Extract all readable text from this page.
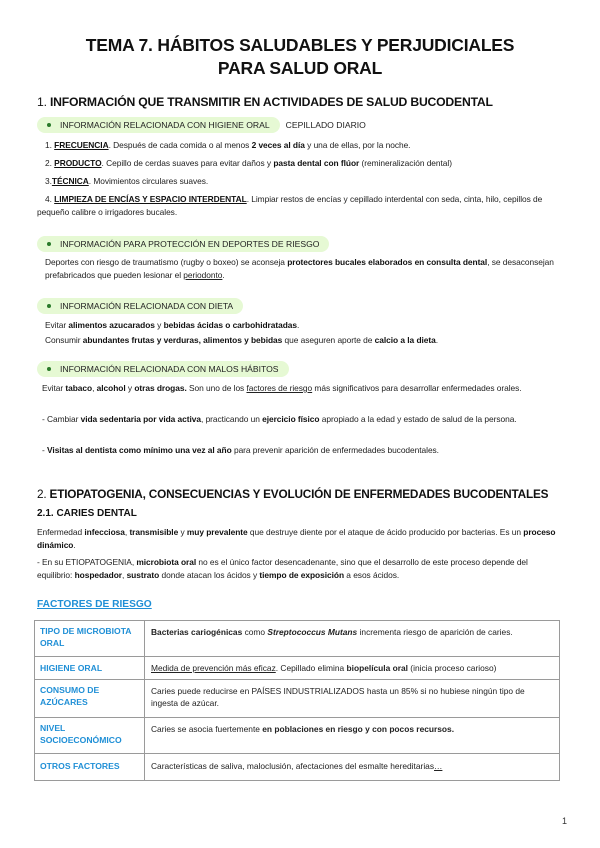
TEMA 7. HÁBITOS SALUDABLES Y PERJUDICIALES
PARA SALUD ORAL
1. INFORMACIÓN QUE TRANSMITIR EN ACTIVIDADES DE SALUD BUCODENTAL
INFORMACIÓN RELACIONADA CON HIGIENE ORAL CEPILLADO DIARIO
1. FRECUENCIA. Después de cada comida o al menos 2 veces al día y una de ellas, por la noche.
2. PRODUCTO. Cepillo de cerdas suaves para evitar daños y pasta dental con flúor (remineralización dental)
3.TÉCNICA. Movimientos circulares suaves.
4. LIMPIEZA DE ENCÍAS Y ESPACIO INTERDENTAL. Limpiar restos de encías y cepillado interdental con seda, cinta, hilo, cepillos de pequeño calibre o irrigadores bucales.
INFORMACIÓN PARA PROTECCIÓN EN DEPORTES DE RIESGO
Deportes con riesgo de traumatismo (rugby o boxeo) se aconseja protectores bucales elaborados en consulta dental, se desaconsejan prefabricados que pueden lesionar el periodonto.
INFORMACIÓN RELACIONADA CON DIETA
Evitar alimentos azucarados y bebidas ácidas o carbohidratadas.
Consumir abundantes frutas y verduras, alimentos y bebidas que aseguren aporte de calcio a la dieta.
INFORMACIÓN RELACIONADA CON MALOS HÁBITOS
Evitar tabaco, alcohol y otras drogas. Son uno de los factores de riesgo más significativos para desarrollar enfermedades orales.
- Cambiar vida sedentaria por vida activa, practicando un ejercicio físico apropiado a la edad y estado de salud de la persona.
- Visitas al dentista como mínimo una vez al año para prevenir aparición de enfermedades bucodentales.
2. ETIOPATOGENIA, CONSECUENCIAS Y EVOLUCIÓN DE ENFERMEDADES BUCODENTALES
2.1. CARIES DENTAL
Enfermedad infecciosa, transmisible y muy prevalente que destruye diente por el ataque de ácido producido por bacterias. Es un proceso dinámico.
- En su ETIOPATOGENIA, microbiota oral no es el único factor desencadenante, sino que el desarrollo de este proceso depende del equilibrio: hospedador, sustrato donde atacan los ácidos y tiempo de exposición a esos ácidos.
FACTORES DE RIESGO
TIPO DE MICROBIOTA ORAL	Bacterias cariogénicas como Streptococcus Mutans incrementa riesgo de aparición de caries.
HIGIENE ORAL	Medida de prevención más eficaz. Cepillado elimina biopelícula oral (inicia proceso carioso)
CONSUMO DE AZÚCARES	Caries puede reducirse en PAÍSES INDUSTRIALIZADOS hasta un 85% si no hubiese ningún tipo de ingesta de azúcar.
NIVEL SOCIOECONÓMICO	Caries se asocia fuertemente en poblaciones en riesgo y con pocos recursos.
OTROS FACTORES	Características de saliva, maloclusión, afectaciones del esmalte hereditarias…
1
